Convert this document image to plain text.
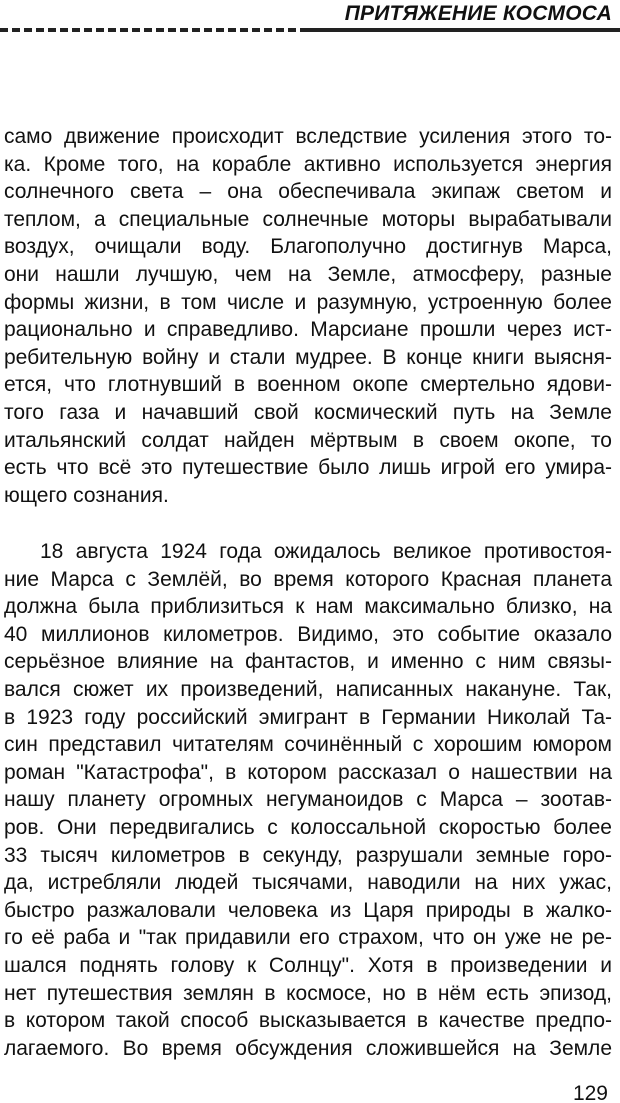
ПРИТЯЖЕНИЕ КОСМОСА
само движение происходит вследствие усиления этого то-
ка. Кроме того, на корабле активно используется энергия
солнечного света – она обеспечивала экипаж светом и
теплом, а специальные солнечные моторы вырабатывали
воздух, очищали воду. Благополучно достигнув Марса,
они нашли лучшую, чем на Земле, атмосферу, разные
формы жизни, в том числе и разумную, устроенную более
рационально и справедливо. Марсиане прошли через ист-
ребительную войну и стали мудрее. В конце книги выясня-
ется, что глотнувший в военном окопе смертельно ядови-
того газа и начавший свой космический путь на Земле
итальянский солдат найден мёртвым в своем окопе, то
есть что всё это путешествие было лишь игрой его умира-
ющего сознания.
18 августа 1924 года ожидалось великое противостоя-
ние Марса с Землёй, во время которого Красная планета
должна была приблизиться к нам максимально близко, на
40 миллионов километров. Видимо, это событие оказало
серьёзное влияние на фантастов, и именно с ним связы-
вался сюжет их произведений, написанных накануне. Так,
в 1923 году российский эмигрант в Германии Николай Та-
син представил читателям сочинённый с хорошим юмором
роман "Катастрофа", в котором рассказал о нашествии на
нашу планету огромных негуманоидов с Марса – зоотав-
ров. Они передвигались с колоссальной скоростью более
33 тысяч километров в секунду, разрушали земные горо-
да, истребляли людей тысячами, наводили на них ужас,
быстро разжаловали человека из Царя природы в жалко-
го её раба и "так придавили его страхом, что он уже не ре-
шался поднять голову к Солнцу". Хотя в произведении и
нет путешествия землян в космосе, но в нём есть эпизод,
в котором такой способ высказывается в качестве предпо-
лагаемого. Во время обсуждения сложившейся на Земле
129
